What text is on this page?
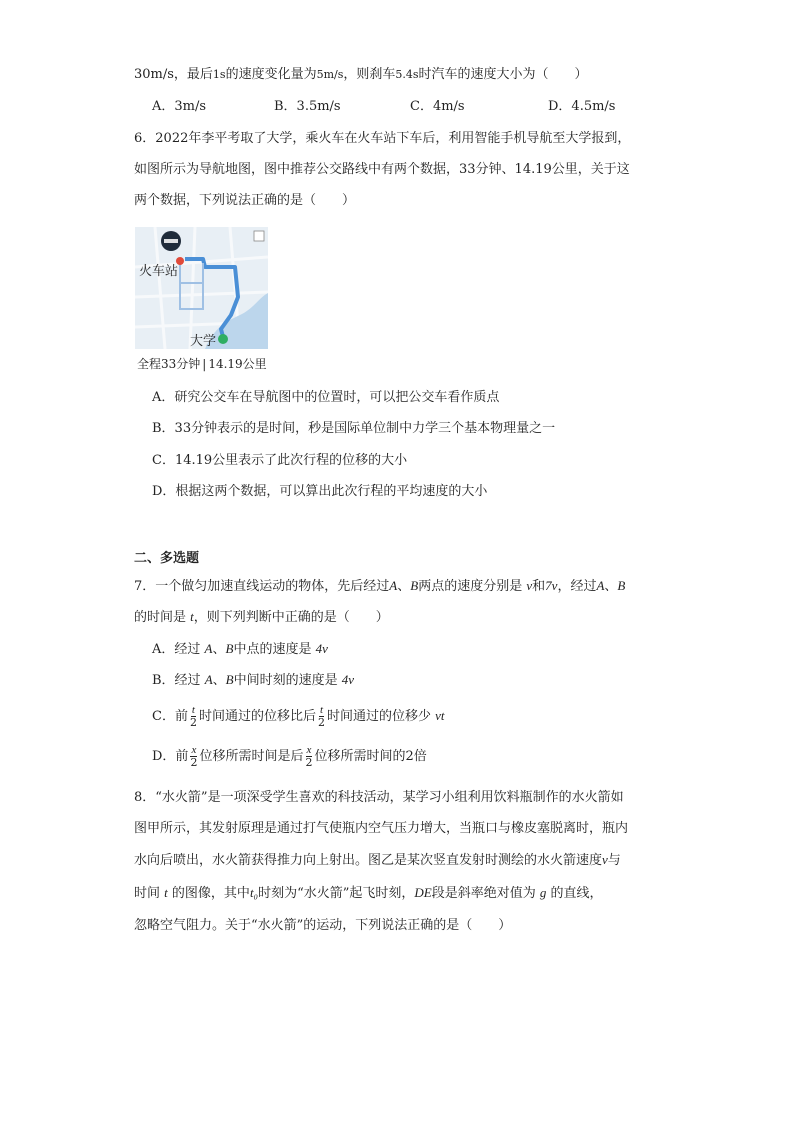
30m/s，最后1s的速度变化量为5m/s，则刹车5.4s时汽车的速度大小为（　　）
A．3m/s	B．3.5m/s	C．4m/s	D．4.5m/s
6．2022年李平考取了大学，乘火车在火车站下车后，利用智能手机导航至大学报到，
如图所示为导航地图，图中推荐公交路线中有两个数据，33分钟、14.19公里，关于这
两个数据，下列说法正确的是（　　）
火车站
大学
全程33分钟 | 14.19公里
A．研究公交车在导航图中的位置时，可以把公交车看作质点
B．33分钟表示的是时间，秒是国际单位制中力学三个基本物理量之一
C．14.19公里表示了此次行程的位移的大小
D．根据这两个数据，可以算出此次行程的平均速度的大小
二、多选题
7．一个做匀加速直线运动的物体，先后经过A、B两点的速度分别是 v和7v，经过A、B
的时间是 t，则下列判断中正确的是（　　）
A．经过 A、B中点的速度是 4v
B．经过 A、B中间时刻的速度是 4v
C．前 $\frac{t}{2}$ 时间通过的位移比后 $\frac{t}{2}$ 时间通过的位移少 vt
D．前 $\frac{x}{2}$ 位移所需时间是后 $\frac{x}{2}$ 位移所需时间的2倍
8．“水火箭”是一项深受学生喜欢的科技活动，某学习小组利用饮料瓶制作的水火箭如
图甲所示，其发射原理是通过打气使瓶内空气压力增大，当瓶口与橡皮塞脱离时，瓶内
水向后喷出，水火箭获得推力向上射出。图乙是某次竖直发射时测绘的水火箭速度v与
时间 t 的图像，其中t₀时刻为“水火箭”起飞时刻，DE段是斜率绝对值为 g 的直线，
忽略空气阻力。关于“水火箭”的运动，下列说法正确的是（　　）
